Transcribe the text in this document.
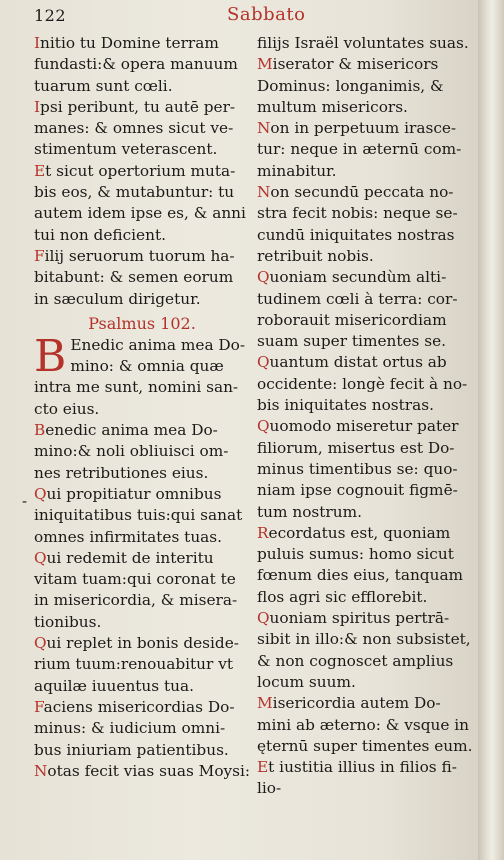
122	Sabbato
-
Initio tu Domine terram
fundasti:& opera manuum
tuarum sunt cœli.
Ipsi peribunt, tu autē per-
manes: & omnes sicut ve-
stimentum veterascent.
Et sicut opertorium muta-
bis eos, & mutabuntur: tu
autem idem ipse es, & anni
tui non deficient.
Filij seruorum tuorum ha-
bitabunt: & semen eorum
in sæculum dirigetur.
Psalmus 102.
B Enedic anima mea Do-
mino: & omnia quæ
intra me sunt, nomini san-
cto eius.
Benedic anima mea Do-
mino:& noli obliuisci om-
nes retributiones eius.
Qui propitiatur omnibus
iniquitatibus tuis:qui sanat
omnes infirmitates tuas.
Qui redemit de interitu
vitam tuam:qui coronat te
in misericordia, & misera-
tionibus.
Qui replet in bonis deside-
rium tuum:renouabitur vt
aquilæ iuuentus tua.
Faciens misericordias Do-
minus: & iudicium omni-
bus iniuriam patientibus.
Notas fecit vias suas Moysi:
filijs Israël voluntates suas.
Miserator & misericors
Dominus: longanimis, &
multum misericors.
Non in perpetuum irasce-
tur: neque in æternū com-
minabitur.
Non secundū peccata no-
stra fecit nobis: neque se-
cundū iniquitates nostras
retribuit nobis.
Quoniam secundùm alti-
tudinem cœli à terra: cor-
roborauit misericordiam
suam super timentes se.
Quantum distat ortus ab
occidente: longè fecit à no-
bis iniquitates nostras.
Quomodo miseretur pater
filiorum, misertus est Do-
minus timentibus se: quo-
niam ipse cognouit figmē-
tum nostrum.
Recordatus est, quoniam
puluis sumus: homo sicut
fœnum dies eius, tanquam
flos agri sic efflorebit.
Quoniam spiritus pertrā-
sibit in illo:& non subsistet,
& non cognoscet amplius
locum suum.
Misericordia autem Do-
mini ab æterno: & vsque in
ęternū super timentes eum.
Et iustitia illius in filios fi-
lio-
